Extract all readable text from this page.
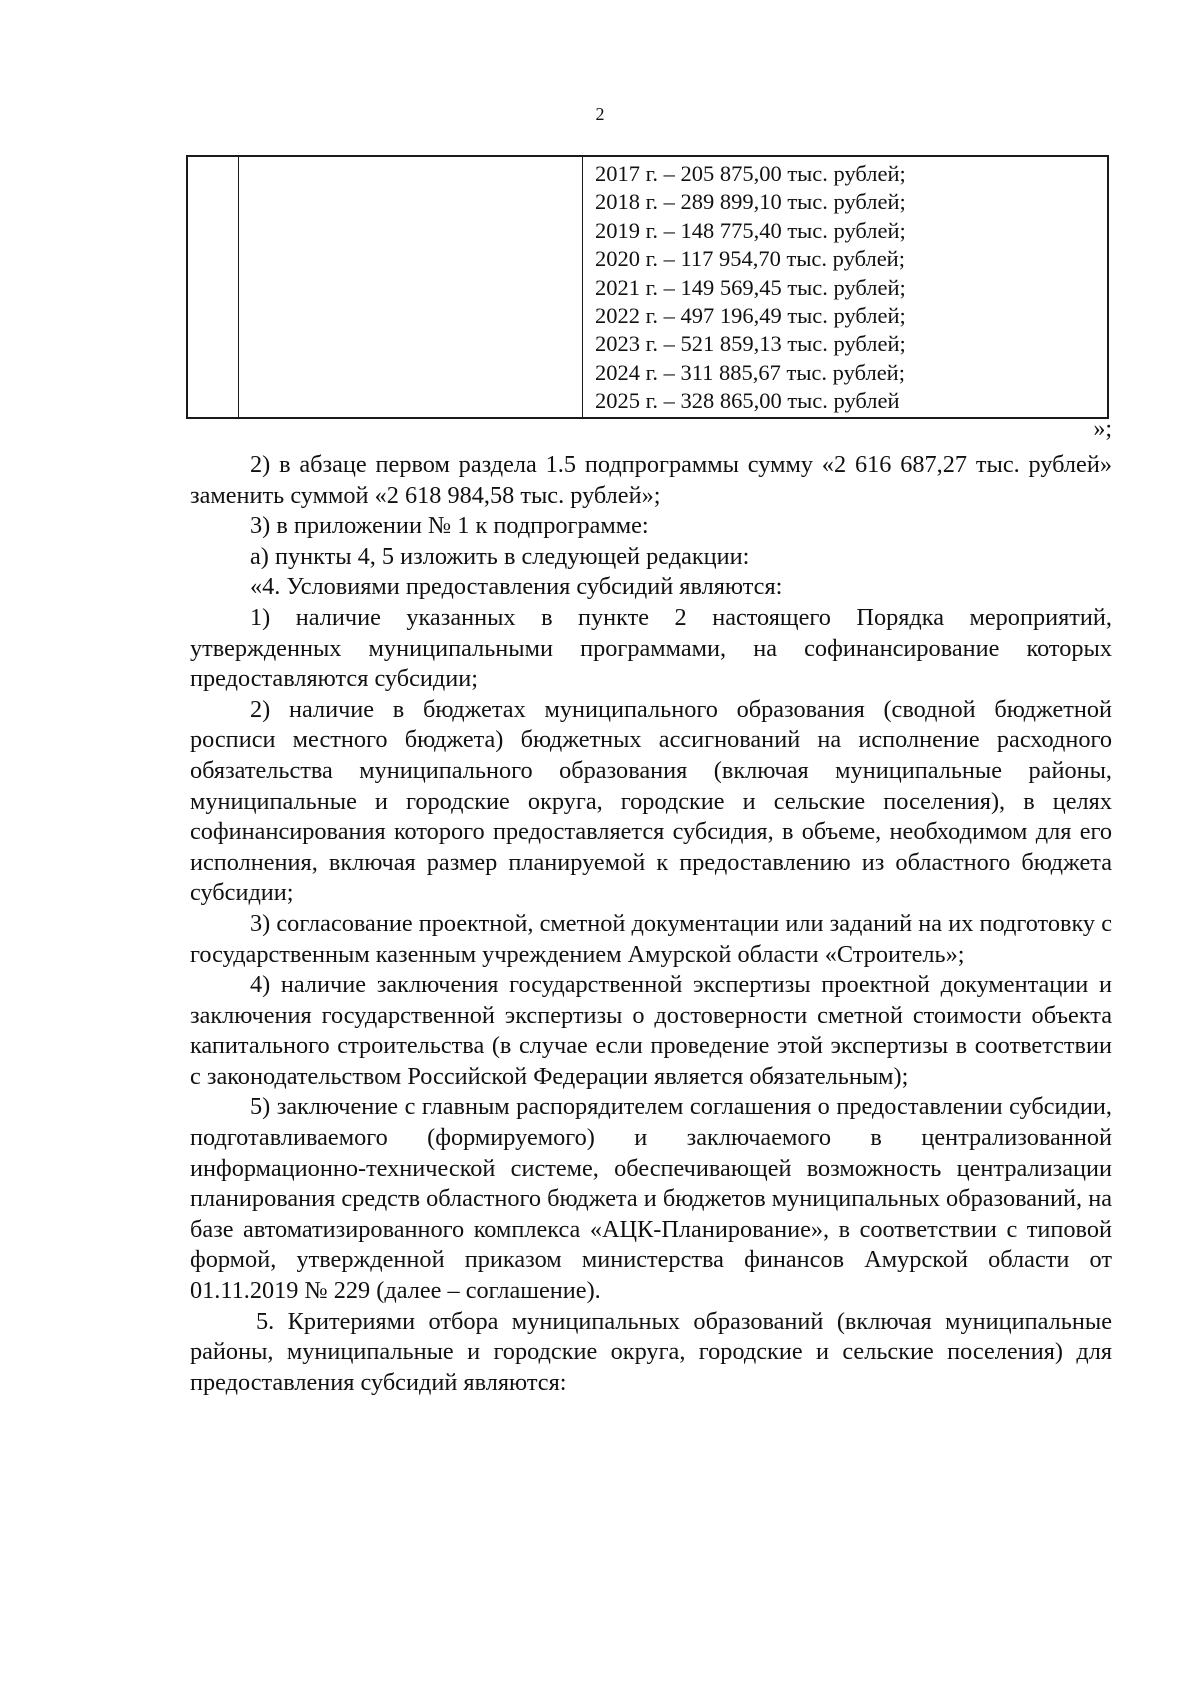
2
2017 г. – 205 875,00 тыс. рублей;
2018 г. – 289 899,10 тыс. рублей;
2019 г. – 148 775,40 тыс. рублей;
2020 г. – 117 954,70 тыс. рублей;
2021 г. – 149 569,45 тыс. рублей;
2022 г. – 497 196,49 тыс. рублей;
2023 г. – 521 859,13 тыс. рублей;
2024 г. – 311 885,67 тыс. рублей;
2025 г. – 328 865,00 тыс. рублей
»;

2) в абзаце первом раздела 1.5 подпрограммы сумму «2 616 687,27 тыс. рублей» заменить суммой «2 618 984,58 тыс. рублей»;

3) в приложении № 1 к подпрограмме:

а) пункты 4, 5 изложить в следующей редакции:

«4. Условиями предоставления субсидий являются:

1) наличие указанных в пункте 2 настоящего Порядка мероприятий, утвержденных муниципальными программами, на софинансирование которых предоставляются субсидии;

2) наличие в бюджетах муниципального образования (сводной бюджетной росписи местного бюджета) бюджетных ассигнований на исполнение расходного обязательства муниципального образования (включая муниципальные районы, муниципальные и городские округа, городские и сельские поселения), в целях софинансирования которого предоставляется субсидия, в объеме, необходимом для его исполнения, включая размер планируемой к предоставлению из областного бюджета субсидии;

3) согласование проектной, сметной документации или заданий на их подготовку с государственным казенным учреждением Амурской области «Строитель»;

4) наличие заключения государственной экспертизы проектной документации и заключения государственной экспертизы о достоверности сметной стоимости объекта капитального строительства (в случае если проведение этой экспертизы в соответствии с законодательством Российской Федерации является обязательным);

5) заключение с главным распорядителем соглашения о предоставлении субсидии, подготавливаемого (формируемого) и заключаемого в централизованной информационно-технической системе, обеспечивающей возможность централизации планирования средств областного бюджета и бюджетов муниципальных образований, на базе автоматизированного комплекса «АЦК-Планирование», в соответствии с типовой формой, утвержденной приказом министерства финансов Амурской области от 01.11.2019 № 229 (далее – соглашение).

5. Критериями отбора муниципальных образований (включая муниципальные районы, муниципальные и городские округа, городские и сельские поселения) для предоставления субсидий являются:
